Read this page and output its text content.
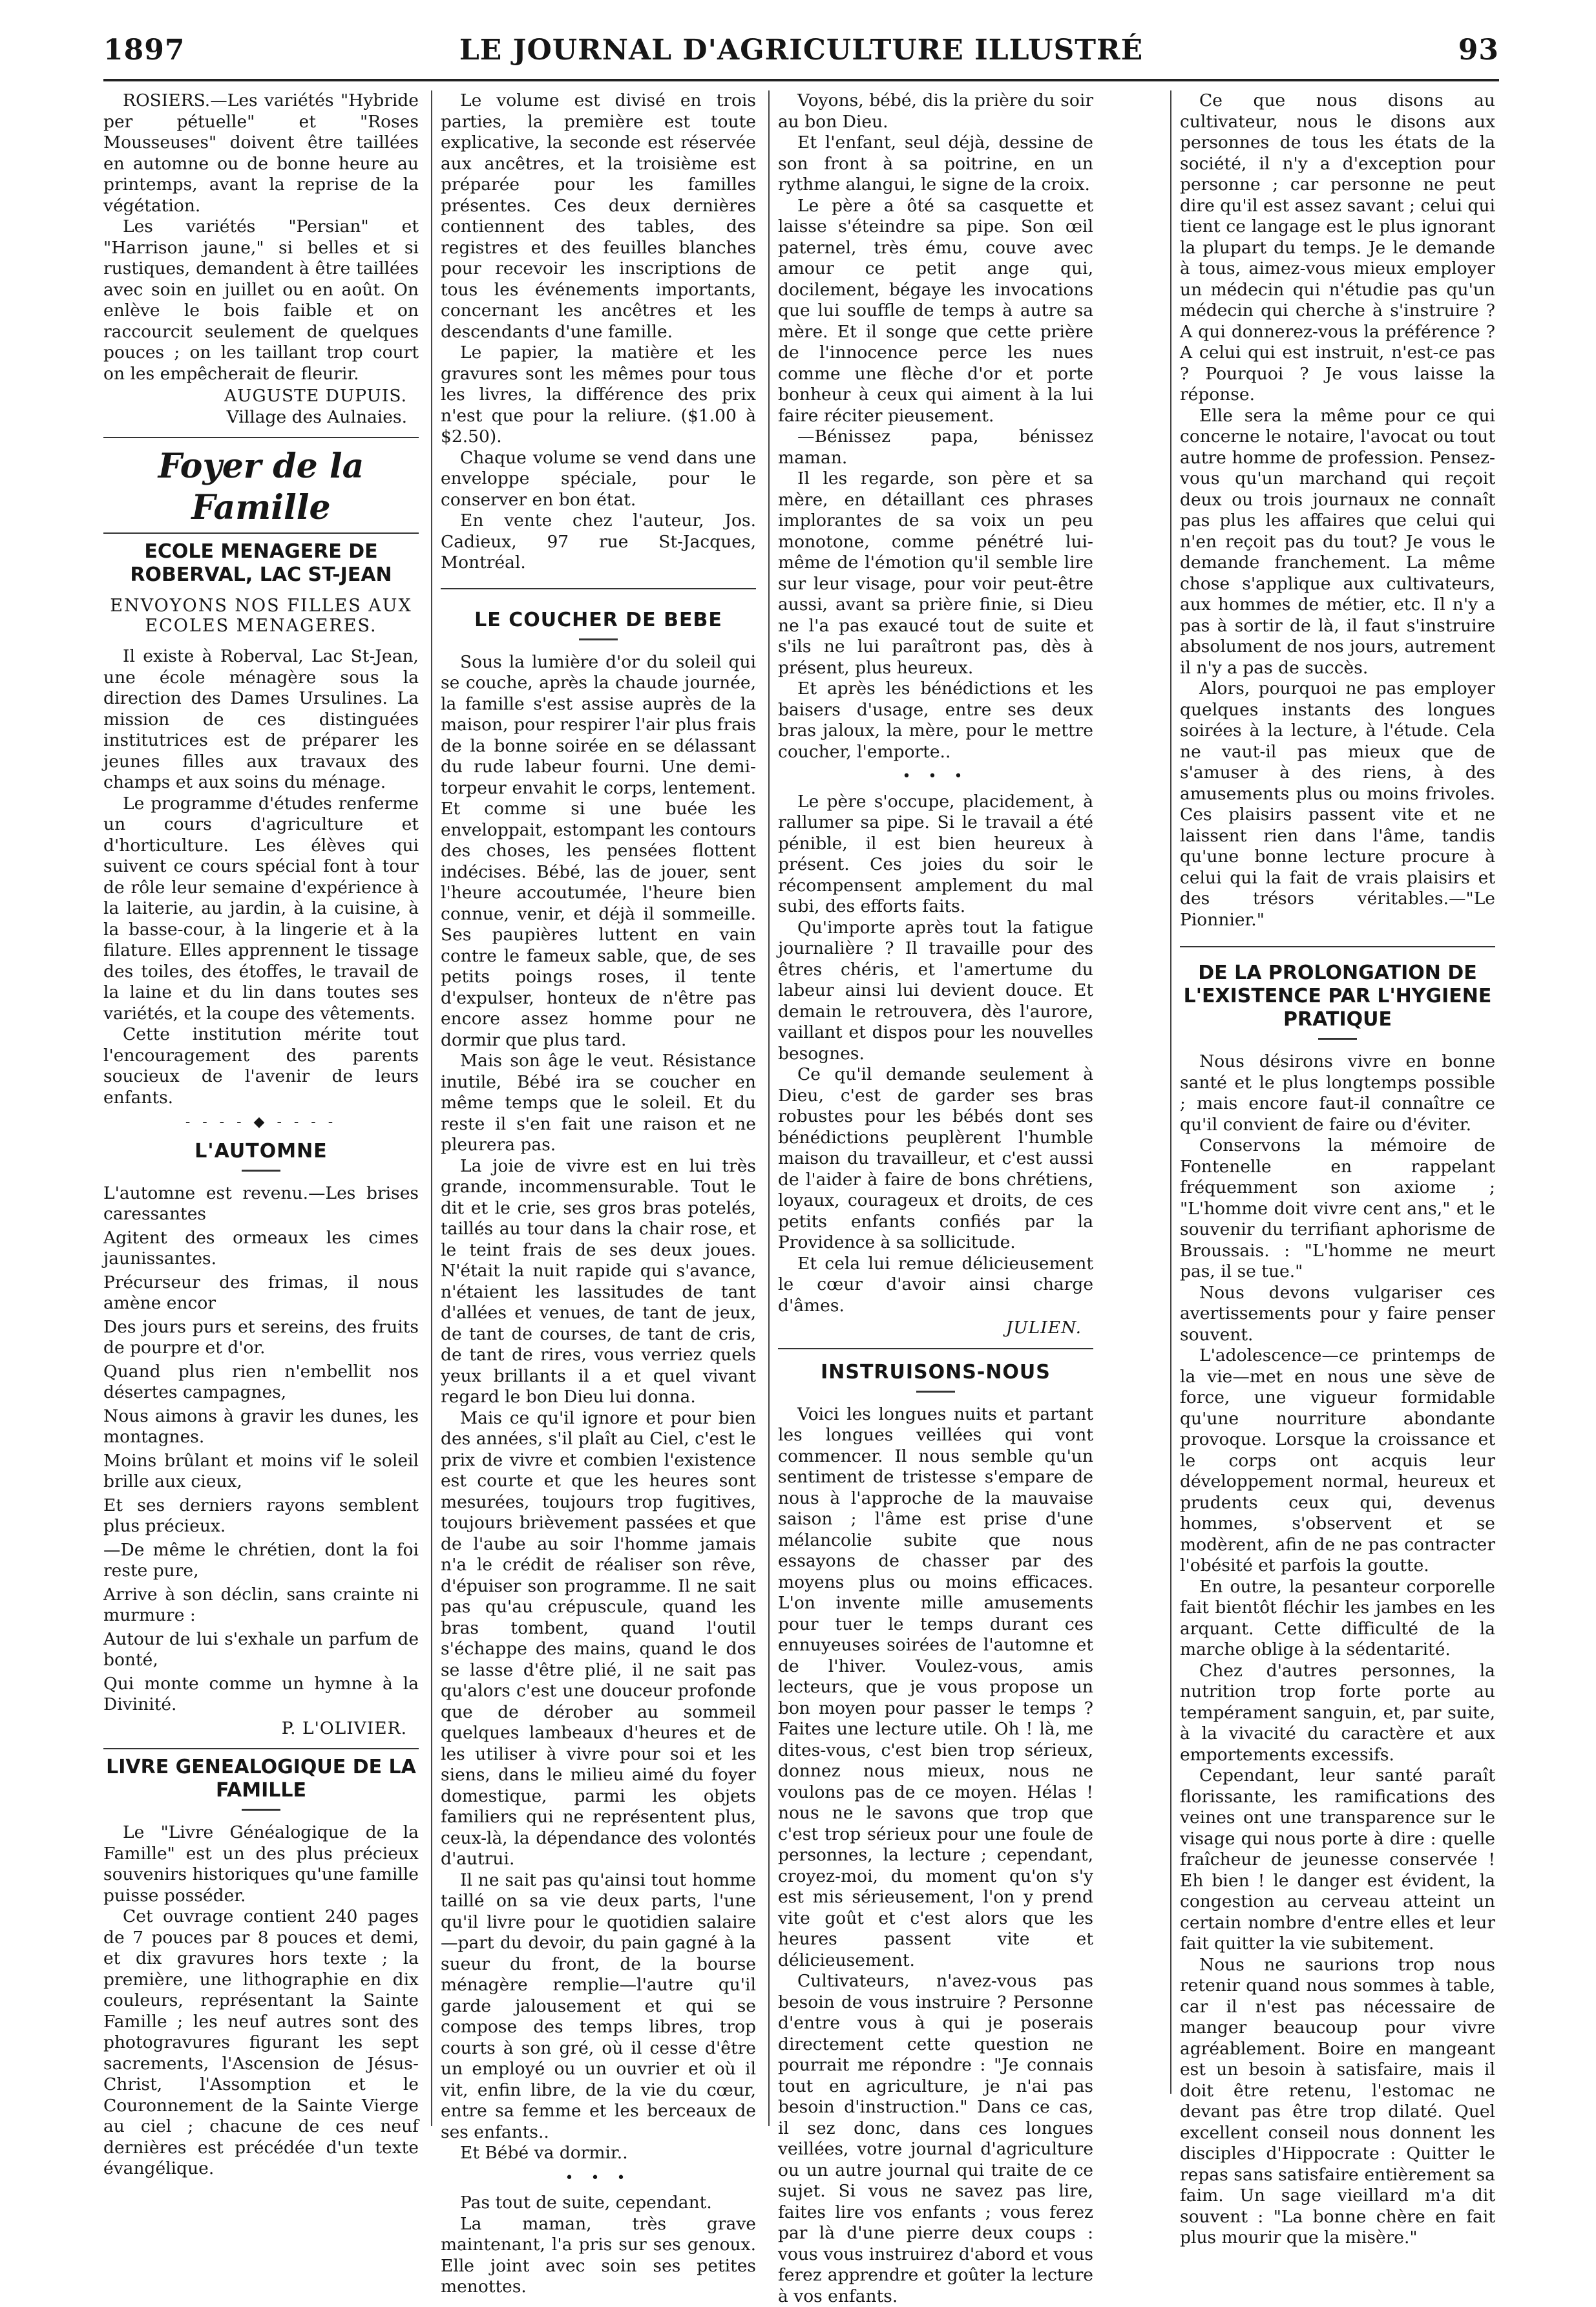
1897	LE JOURNAL D'AGRICULTURE ILLUSTRÉ	93

ROSIERS.—Les variétés "Hybride per pétuelle" et "Roses Mousseuses" doivent être taillées en automne ou de bonne heure au printemps, avant la reprise de la végétation.

Les variétés "Persian" et "Harrison jaune," si belles et si rustiques, demandent à être taillées avec soin en juillet ou en août. On enlève le bois faible et on raccourcit seulement de quelques pouces ; on les taillant trop court on les empêcherait de fleurir.

AUGUSTE DUPUIS.

Village des Aulnaies.

Foyer de la Famille
ECOLE MENAGERE DE ROBERVAL, LAC ST-JEAN
ENVOYONS NOS FILLES AUX ECOLES MENAGERES.

Il existe à Roberval, Lac St-Jean, une école ménagère sous la direction des Dames Ursulines. La mission de ces distinguées institutrices est de préparer les jeunes filles aux travaux des champs et aux soins du ménage.

Le programme d'études renferme un cours d'agriculture et d'horticulture. Les élèves qui suivent ce cours spécial font à tour de rôle leur semaine d'expérience à la laiterie, au jardin, à la cuisine, à la basse-cour, à la lingerie et à la filature. Elles apprennent le tissage des toiles, des étoffes, le travail de la laine et du lin dans toutes ses variétés, et la coupe des vêtements.

Cette institution mérite tout l'encouragement des parents soucieux de l'avenir de leurs enfants.

- - - - ◆ - - - -
L'AUTOMNE

L'automne est revenu.—Les brises caressantes

Agitent des ormeaux les cimes jaunissantes.

Précurseur des frimas, il nous amène encor

Des jours purs et sereins, des fruits de pourpre et d'or.

Quand plus rien n'embellit nos désertes campagnes,

Nous aimons à gravir les dunes, les montagnes.

Moins brûlant et moins vif le soleil brille aux cieux,

Et ses derniers rayons semblent plus précieux.

—De même le chrétien, dont la foi reste pure,

Arrive à son déclin, sans crainte ni murmure :

Autour de lui s'exhale un parfum de bonté,

Qui monte comme un hymne à la Divinité.

P. L'OLIVIER.

LIVRE GENEALOGIQUE DE LA FAMILLE

Le "Livre Généalogique de la Famille" est un des plus précieux souvenirs historiques qu'une famille puisse posséder.

Cet ouvrage contient 240 pages de 7 pouces par 8 pouces et demi, et dix gravures hors texte ; la première, une lithographie en dix couleurs, représentant la Sainte Famille ; les neuf autres sont des photogravures figurant les sept sacrements, l'Ascension de Jésus-Christ, l'Assomption et le Couronnement de la Sainte Vierge au ciel ; chacune de ces neuf dernières est précédée d'un texte évangélique.

Le volume est divisé en trois parties, la première est toute explicative, la seconde est réservée aux ancêtres, et la troisième est préparée pour les familles présentes. Ces deux dernières contiennent des tables, des registres et des feuilles blanches pour recevoir les inscriptions de tous les événements importants, concernant les ancêtres et les descendants d'une famille.

Le papier, la matière et les gravures sont les mêmes pour tous les livres, la différence des prix n'est que pour la reliure. ($1.00 à $2.50).

Chaque volume se vend dans une enveloppe spéciale, pour le conserver en bon état.

En vente chez l'auteur, Jos. Cadieux, 97 rue St-Jacques, Montréal.

LE COUCHER DE BEBE

Sous la lumière d'or du soleil qui se couche, après la chaude journée, la famille s'est assise auprès de la maison, pour respirer l'air plus frais de la bonne soirée en se délassant du rude labeur fourni. Une demi-torpeur envahit le corps, lentement. Et comme si une buée les enveloppait, estompant les contours des choses, les pensées flottent indécises. Bébé, las de jouer, sent l'heure accoutumée, l'heure bien connue, venir, et déjà il sommeille. Ses paupières luttent en vain contre le fameux sable, que, de ses petits poings roses, il tente d'expulser, honteux de n'être pas encore assez homme pour ne dormir que plus tard.

Mais son âge le veut. Résistance inutile, Bébé ira se coucher en même temps que le soleil. Et du reste il s'en fait une raison et ne pleurera pas.

La joie de vivre est en lui très grande, incommensurable. Tout le dit et le crie, ses gros bras potelés, taillés au tour dans la chair rose, et le teint frais de ses deux joues. N'était la nuit rapide qui s'avance, n'étaient les lassitudes de tant d'allées et venues, de tant de jeux, de tant de courses, de tant de cris, de tant de rires, vous verriez quels yeux brillants il a et quel vivant regard le bon Dieu lui donna.

Mais ce qu'il ignore et pour bien des années, s'il plaît au Ciel, c'est le prix de vivre et combien l'existence est courte et que les heures sont mesurées, toujours trop fugitives, toujours brièvement passées et que de l'aube au soir l'homme jamais n'a le crédit de réaliser son rêve, d'épuiser son programme. Il ne sait pas qu'au crépuscule, quand les bras tombent, quand l'outil s'échappe des mains, quand le dos se lasse d'être plié, il ne sait pas qu'alors c'est une douceur profonde que de dérober au sommeil quelques lambeaux d'heures et de les utiliser à vivre pour soi et les siens, dans le milieu aimé du foyer domestique, parmi les objets familiers qui ne représentent plus, ceux-là, la dépendance des volontés d'autrui.

Il ne sait pas qu'ainsi tout homme taillé on sa vie deux parts, l'une qu'il livre pour le quotidien salaire—part du devoir, du pain gagné à la sueur du front, de la bourse ménagère remplie—l'autre qu'il garde jalousement et qui se compose des temps libres, trop courts à son gré, où il cesse d'être un employé ou un ouvrier et où il vit, enfin libre, de la vie du cœur, entre sa femme et les berceaux de ses enfants..

Et Bébé va dormir..

• • •

Pas tout de suite, cependant.

La maman, très grave maintenant, l'a pris sur ses genoux. Elle joint avec soin ses petites menottes.

Voyons, bébé, dis la prière du soir au bon Dieu.

Et l'enfant, seul déjà, dessine de son front à sa poitrine, en un rythme alangui, le signe de la croix.

Le père a ôté sa casquette et laisse s'éteindre sa pipe. Son œil paternel, très ému, couve avec amour ce petit ange qui, docilement, bégaye les invocations que lui souffle de temps à autre sa mère. Et il songe que cette prière de l'innocence perce les nues comme une flèche d'or et porte bonheur à ceux qui aiment à la lui faire réciter pieusement.

—Bénissez papa, bénissez maman.

Il les regarde, son père et sa mère, en détaillant ces phrases implorantes de sa voix un peu monotone, comme pénétré lui-même de l'émotion qu'il semble lire sur leur visage, pour voir peut-être aussi, avant sa prière finie, si Dieu ne l'a pas exaucé tout de suite et s'ils ne lui paraîtront pas, dès à présent, plus heureux.

Et après les bénédictions et les baisers d'usage, entre ses deux bras jaloux, la mère, pour le mettre coucher, l'emporte..

• • •

Le père s'occupe, placidement, à rallumer sa pipe. Si le travail a été pénible, il est bien heureux à présent. Ces joies du soir le récompensent amplement du mal subi, des efforts faits.

Qu'importe après tout la fatigue journalière ? Il travaille pour des êtres chéris, et l'amertume du labeur ainsi lui devient douce. Et demain le retrouvera, dès l'aurore, vaillant et dispos pour les nouvelles besognes.

Ce qu'il demande seulement à Dieu, c'est de garder ses bras robustes pour les bébés dont ses bénédictions peuplèrent l'humble maison du travailleur, et c'est aussi de l'aider à faire de bons chrétiens, loyaux, courageux et droits, de ces petits enfants confiés par la Providence à sa sollicitude.

Et cela lui remue délicieusement le cœur d'avoir ainsi charge d'âmes.

JULIEN.

INSTRUISONS-NOUS

Voici les longues nuits et partant les longues veillées qui vont commencer. Il nous semble qu'un sentiment de tristesse s'empare de nous à l'approche de la mauvaise saison ; l'âme est prise d'une mélancolie subite que nous essayons de chasser par des moyens plus ou moins efficaces. L'on invente mille amusements pour tuer le temps durant ces ennuyeuses soirées de l'automne et de l'hiver. Voulez-vous, amis lecteurs, que je vous propose un bon moyen pour passer le temps ? Faites une lecture utile. Oh ! là, me dites-vous, c'est bien trop sérieux, donnez nous mieux, nous ne voulons pas de ce moyen. Hélas ! nous ne le savons que trop que c'est trop sérieux pour une foule de personnes, la lecture ; cependant, croyez-moi, du moment qu'on s'y est mis sérieusement, l'on y prend vite goût et c'est alors que les heures passent vite et délicieusement.

Cultivateurs, n'avez-vous pas besoin de vous instruire ? Personne d'entre vous à qui je poserais directement cette question ne pourrait me répondre : "Je connais tout en agriculture, je n'ai pas besoin d'instruction." Dans ce cas, il sez donc, dans ces longues veillées, votre journal d'agriculture ou un autre journal qui traite de ce sujet. Si vous ne savez pas lire, faites lire vos enfants ; vous ferez par là d'une pierre deux coups : vous vous instruirez d'abord et vous ferez apprendre et goûter la lecture à vos enfants.

Ce que nous disons au cultivateur, nous le disons aux personnes de tous les états de la société, il n'y a d'exception pour personne ; car personne ne peut dire qu'il est assez savant ; celui qui tient ce langage est le plus ignorant la plupart du temps. Je le demande à tous, aimez-vous mieux employer un médecin qui n'étudie pas qu'un médecin qui cherche à s'instruire ? A qui donnerez-vous la préférence ? A celui qui est instruit, n'est-ce pas ? Pourquoi ? Je vous laisse la réponse.

Elle sera la même pour ce qui concerne le notaire, l'avocat ou tout autre homme de profession. Pensez-vous qu'un marchand qui reçoit deux ou trois journaux ne connaît pas plus les affaires que celui qui n'en reçoit pas du tout? Je vous le demande franchement. La même chose s'applique aux cultivateurs, aux hommes de métier, etc. Il n'y a pas à sortir de là, il faut s'instruire absolument de nos jours, autrement il n'y a pas de succès.

Alors, pourquoi ne pas employer quelques instants des longues soirées à la lecture, à l'étude. Cela ne vaut-il pas mieux que de s'amuser à des riens, à des amusements plus ou moins frivoles. Ces plaisirs passent vite et ne laissent rien dans l'âme, tandis qu'une bonne lecture procure à celui qui la fait de vrais plaisirs et des trésors véritables.—"Le Pionnier."

DE LA PROLONGATION DE L'EXISTENCE PAR L'HYGIENE PRATIQUE

Nous désirons vivre en bonne santé et le plus longtemps possible ; mais encore faut-il connaître ce qu'il convient de faire ou d'éviter.

Conservons la mémoire de Fontenelle en rappelant fréquemment son axiome ; "L'homme doit vivre cent ans," et le souvenir du terrifiant aphorisme de Broussais. : "L'homme ne meurt pas, il se tue."

Nous devons vulgariser ces avertissements pour y faire penser souvent.

L'adolescence—ce printemps de la vie—met en nous une sève de force, une vigueur formidable qu'une nourriture abondante provoque. Lorsque la croissance et le corps ont acquis leur développement normal, heureux et prudents ceux qui, devenus hommes, s'observent et se modèrent, afin de ne pas contracter l'obésité et parfois la goutte.

En outre, la pesanteur corporelle fait bientôt fléchir les jambes en les arquant. Cette difficulté de la marche oblige à la sédentarité.

Chez d'autres personnes, la nutrition trop forte porte au tempérament sanguin, et, par suite, à la vivacité du caractère et aux emportements excessifs.

Cependant, leur santé paraît florissante, les ramifications des veines ont une transparence sur le visage qui nous porte à dire : quelle fraîcheur de jeunesse conservée ! Eh bien ! le danger est évident, la congestion au cerveau atteint un certain nombre d'entre elles et leur fait quitter la vie subitement.

Nous ne saurions trop nous retenir quand nous sommes à table, car il n'est pas nécessaire de manger beaucoup pour vivre agréablement. Boire en mangeant est un besoin à satisfaire, mais il doit être retenu, l'estomac ne devant pas être trop dilaté. Quel excellent conseil nous donnent les disciples d'Hippocrate : Quitter le repas sans satisfaire entièrement sa faim. Un sage vieillard m'a dit souvent : "La bonne chère en fait plus mourir que la misère."
